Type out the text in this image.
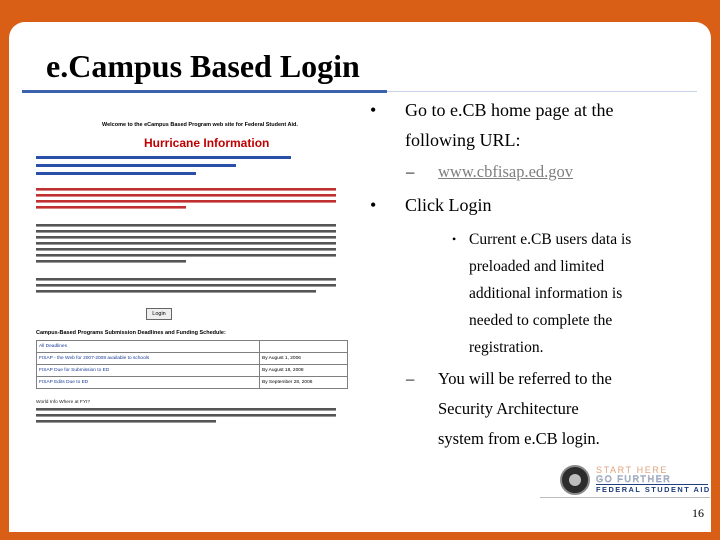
e.Campus Based Login
Welcome to the eCampus Based Program web site for Federal Student Aid.
Hurricane Information
Login
Campus-Based Programs Submission Deadlines and Funding Schedule:
All Deadlines	
FISAP - the Web for 2007-2008 available to schools	By August 1, 2006
FISAP Due for Submission to ED	By August 18, 2008
FISAP Edits Due to ED	By September 28, 2006
World Info Where at FYI?
• Go to e.CB home page at the
following URL:
– www.cbfisap.ed.gov
• Click Login
• Current e.CB users data is
preloaded and limited
additional information is
needed to complete the
registration.
– You will be referred to the
Security Architecture
system from e.CB login.
START HERE
GO FURTHER
FEDERAL STUDENT AID
16
